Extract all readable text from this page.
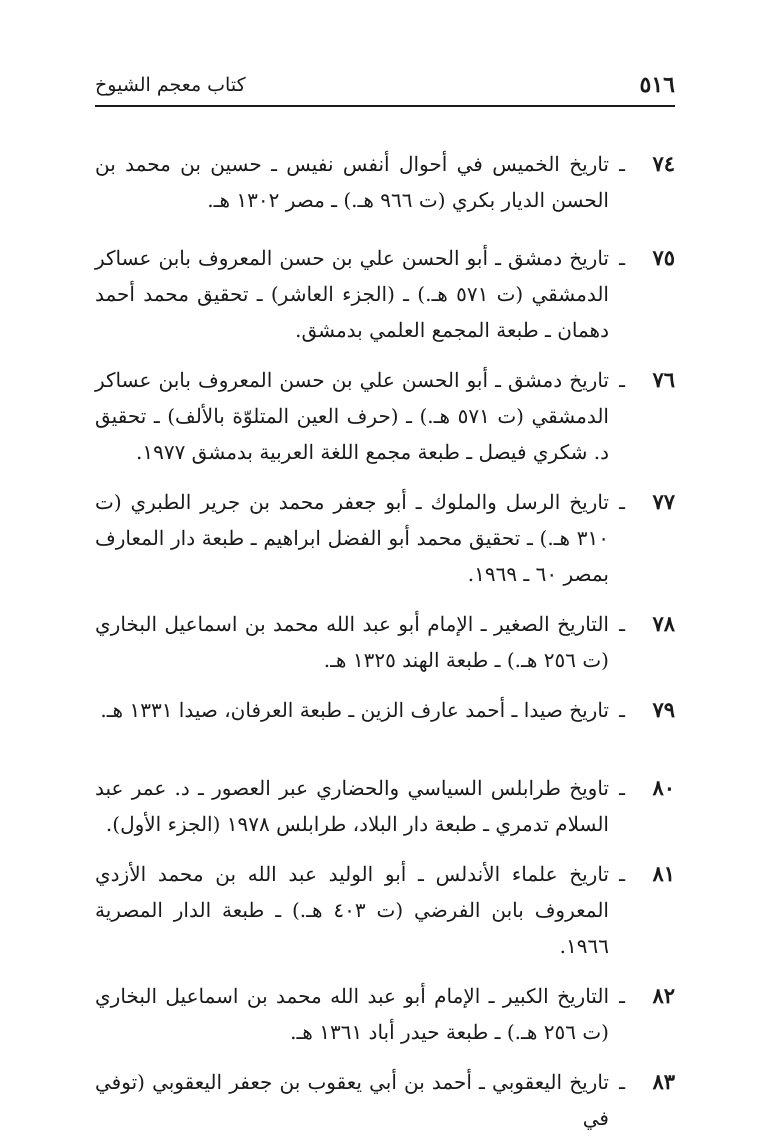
٥١٦
كتاب معجم الشيوخ
٧٤
ـ
تاريخ الخميس في أحوال أنفس نفيس ـ حسين بن محمد بن الحسن الديار بكري (ت ٩٦٦ هـ.) ـ مصر ١٣٠٢ هـ.
٧٥
ـ
تاريخ دمشق ـ أبو الحسن علي بن حسن المعروف بابن عساكر الدمشقي (ت ٥٧١ هـ.) ـ (الجزء العاشر) ـ تحقيق محمد أحمد دهمان ـ طبعة المجمع العلمي بدمشق.
٧٦
ـ
تاريخ دمشق ـ أبو الحسن علي بن حسن المعروف بابن عساكر الدمشقي (ت ٥٧١ هـ.) ـ (حرف العين المتلوّة بالألف) ـ تحقيق د. شكري فيصل ـ طبعة مجمع اللغة العربية بدمشق ١٩٧٧.
٧٧
ـ
تاريخ الرسل والملوك ـ أبو جعفر محمد بن جرير الطبري (ت ٣١٠ هـ.) ـ تحقيق محمد أبو الفضل ابراهيم ـ طبعة دار المعارف بمصر ٦٠ ـ ١٩٦٩.
٧٨
ـ
التاريخ الصغير ـ الإمام أبو عبد الله محمد بن اسماعيل البخاري (ت ٢٥٦ هـ.) ـ طبعة الهند ١٣٢٥ هـ.
٧٩
ـ
تاريخ صيدا ـ أحمد عارف الزين ـ طبعة العرفان، صيدا ١٣٣١ هـ.
٨٠
ـ
تاويخ طرابلس السياسي والحضاري عبر العصور ـ د. عمر عبد السلام تدمري ـ طبعة دار البلاد، طرابلس ١٩٧٨ (الجزء الأول).
٨١
ـ
تاريخ علماء الأندلس ـ أبو الوليد عبد الله بن محمد الأزدي المعروف بابن الفرضي (ت ٤٠٣ هـ.) ـ طبعة الدار المصرية ١٩٦٦.
٨٢
ـ
التاريخ الكبير ـ الإمام أبو عبد الله محمد بن اسماعيل البخاري (ت ٢٥٦ هـ.) ـ طبعة حيدر أباد ١٣٦١ هـ.
٨٣
ـ
تاريخ اليعقوبي ـ أحمد بن أبي يعقوب بن جعفر اليعقوبي (توفي في
